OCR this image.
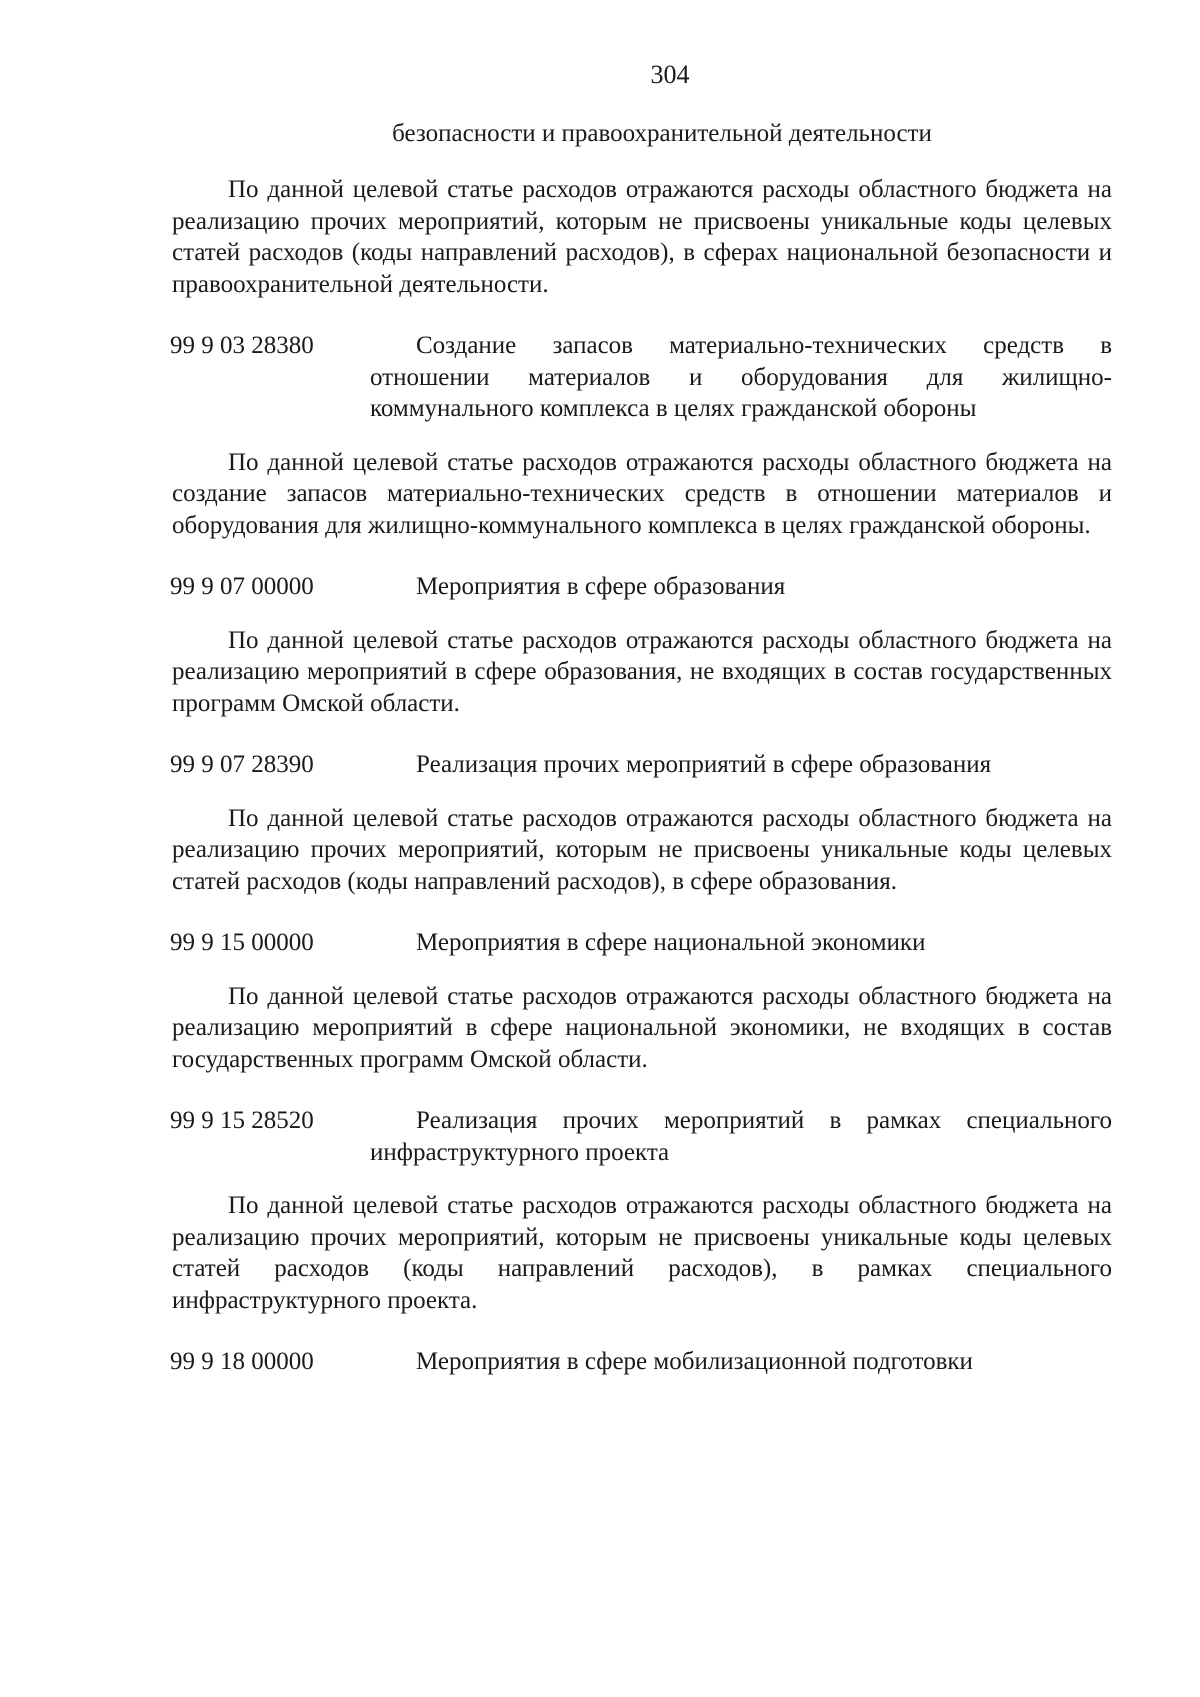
304
безопасности и правоохранительной деятельности

По данной целевой статье расходов отражаются расходы областного бюджета на реализацию прочих мероприятий, которым не присвоены уникальные коды целевых статей расходов (коды направлений расходов), в сферах национальной безопасности и правоохранительной деятельности.

99 9 03 28380	Создание запасов материально-технических средств в отношении материалов и оборудования для жилищно-коммунального комплекса в целях гражданской обороны

По данной целевой статье расходов отражаются расходы областного бюджета на создание запасов материально-технических средств в отношении материалов и оборудования для жилищно-коммунального комплекса в целях гражданской обороны.

99 9 07 00000	Мероприятия в сфере образования

По данной целевой статье расходов отражаются расходы областного бюджета на реализацию мероприятий в сфере образования, не входящих в состав государственных программ Омской области.

99 9 07 28390	Реализация прочих мероприятий в сфере образования

По данной целевой статье расходов отражаются расходы областного бюджета на реализацию прочих мероприятий, которым не присвоены уникальные коды целевых статей расходов (коды направлений расходов), в сфере образования.

99 9 15 00000	Мероприятия в сфере национальной экономики

По данной целевой статье расходов отражаются расходы областного бюджета на реализацию мероприятий в сфере национальной экономики, не входящих в состав государственных программ Омской области.

99 9 15 28520	Реализация прочих мероприятий в рамках специального инфраструктурного проекта

По данной целевой статье расходов отражаются расходы областного бюджета на реализацию прочих мероприятий, которым не присвоены уникальные коды целевых статей расходов (коды направлений расходов), в рамках специального инфраструктурного проекта.

99 9 18 00000	Мероприятия в сфере мобилизационной подготовки
